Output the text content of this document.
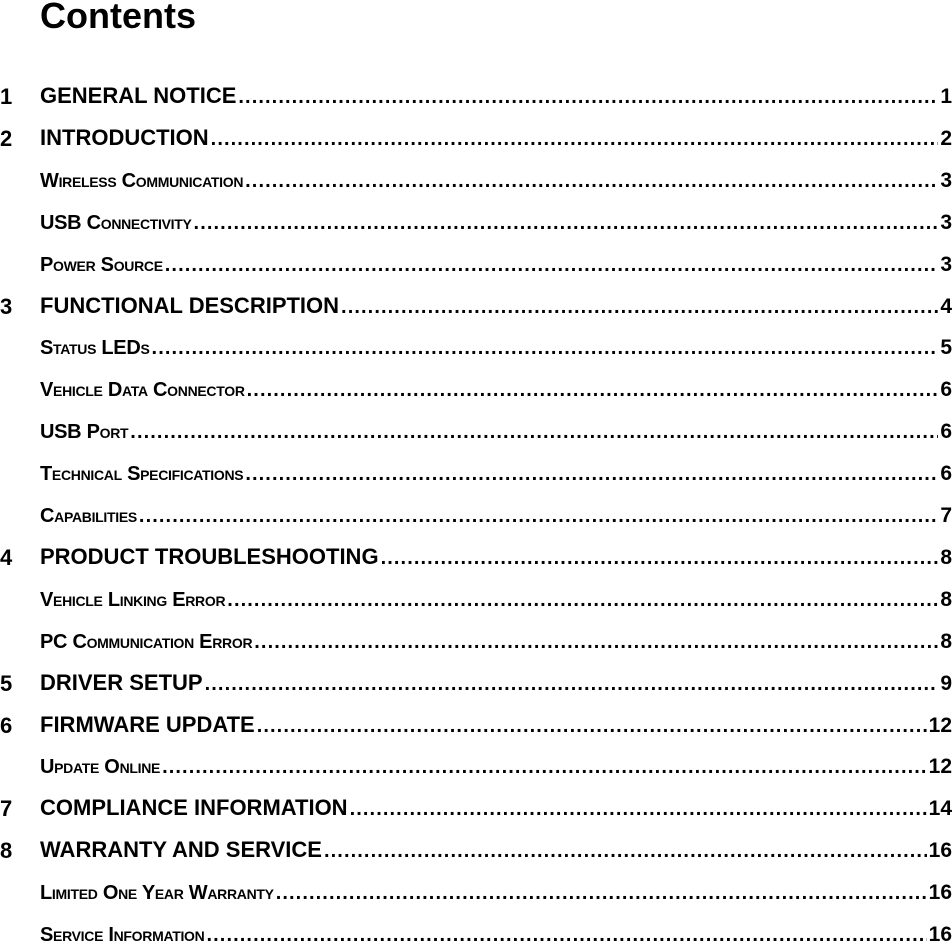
Contents
1 GENERAL NOTICE .....	1
2 INTRODUCTION .....	2
Wireless Communication .....	3
USB Connectivity .....	3
Power Source .....	3
3 FUNCTIONAL DESCRIPTION .....	4
Status LEDs .....	5
Vehicle Data Connector .....	6
USB Port .....	6
Technical Specifications .....	6
Capabilities .....	7
4 PRODUCT TROUBLESHOOTING .....	8
Vehicle Linking Error .....	8
PC Communication Error .....	8
5 DRIVER SETUP .....	9
6 FIRMWARE UPDATE .....	12
Update Online .....	12
7 COMPLIANCE INFORMATION .....	14
8 WARRANTY AND SERVICE .....	16
Limited One Year Warranty .....	16
Service Information .....	16
